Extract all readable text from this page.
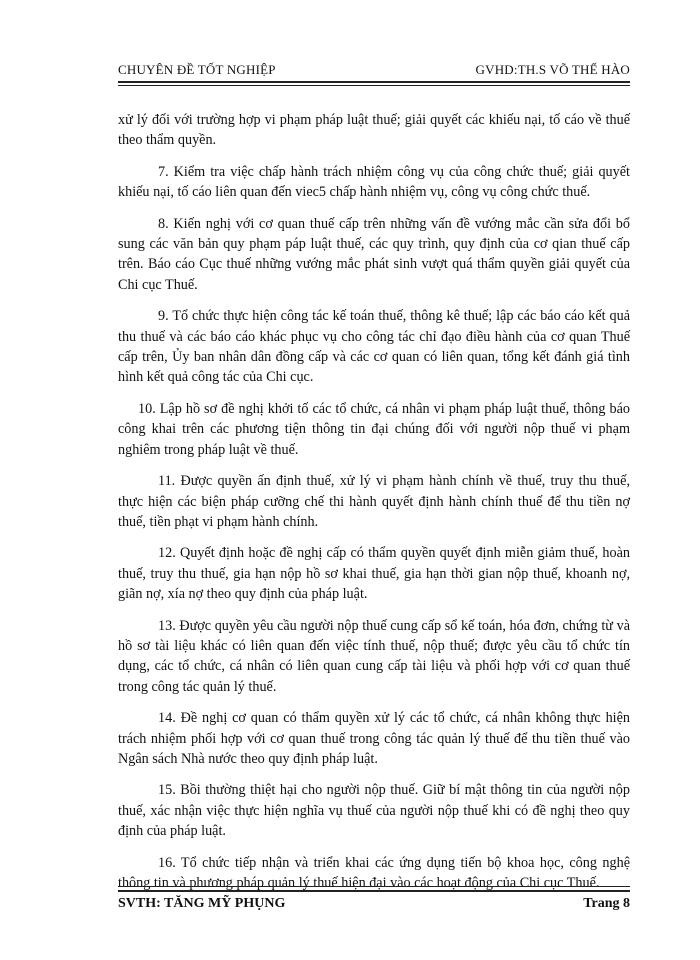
CHUYÊN ĐỀ TỐT NGHIỆP	GVHD:TH.S VÕ THẾ HÀO

xử lý đối với trường hợp vi phạm pháp luật thuế; giải quyết các khiếu nại, tố cáo về thuế theo thẩm quyền.

7. Kiểm tra việc chấp hành trách nhiệm công vụ của công chức thuế; giải quyết khiếu nại, tố cáo liên quan đến viec5 chấp hành nhiệm vụ, công vụ công chức thuế.

8. Kiến nghị với cơ quan thuế cấp trên những vấn đề vướng mắc cần sửa đổi bổ sung các văn bản quy phạm páp luật thuế, các quy trình, quy định của cơ qian thuế cấp trên. Báo cáo Cục thuế những vướng mắc phát sinh vượt quá thẩm quyền giải quyết của Chi cục Thuế.

9. Tổ chức thực hiện công tác kế toán thuế, thông kê thuế; lập các báo cáo kết quả thu thuế và các báo cáo khác phục vụ cho công tác chỉ đạo điều hành của cơ quan Thuế cấp trên, Ủy ban nhân dân đồng cấp và các cơ quan có liên quan, tổng kết đánh giá tình hình kết quả công tác của Chi cục.

10. Lập hồ sơ đề nghị khởi tố các tổ chức, cá nhân vi phạm pháp luật thuế, thông báo công khai trên các phương tiện thông tin đại chúng đối với người nộp thuế vi phạm nghiêm trong pháp luật về thuế.

11. Được quyền ấn định thuế, xử lý vi phạm hành chính về thuế, truy thu thuế, thực hiện các biện pháp cưỡng chế thi hành quyết định hành chính thuế để thu tiền nợ thuế, tiền phạt vi phạm hành chính.

12. Quyết định hoặc đề nghị cấp có thẩm quyền quyết định miễn giảm thuế, hoàn thuế, truy thu thuế, gia hạn nộp hồ sơ khai thuế, gia hạn thời gian nộp thuế, khoanh nợ, giãn nợ, xía nợ theo quy định của pháp luật.

13. Được quyền yêu cầu người nộp thuế cung cấp sổ kế toán, hóa đơn, chứng từ và hồ sơ tài liệu khác có liên quan đến việc tính thuế, nộp thuế; được yêu cầu tổ chức tín dụng, các tổ chức, cá nhân có liên quan cung cấp tài liệu và phối hợp với cơ quan thuế trong công tác quản lý thuế.

14. Đề nghị cơ quan có thẩm quyền xử lý các tổ chức, cá nhân không thực hiện trách nhiệm phối hợp với cơ quan thuế trong công tác quản lý thuế để thu tiền thuế vào Ngân sách Nhà nước theo quy định pháp luật.

15. Bồi thường thiệt hại cho người nộp thuế. Giữ bí mật thông tin của người nộp thuế, xác nhận việc thực hiện nghĩa vụ thuế của người nộp thuế khi có đề nghị theo quy định của pháp luật.

16. Tổ chức tiếp nhận và triển khai các ứng dụng tiến bộ khoa học, công nghệ thông tin và phương pháp quản lý thuế hiện đại vào các hoạt động của Chi cục Thuế.

SVTH: TĂNG MỸ PHỤNG	Trang 8
